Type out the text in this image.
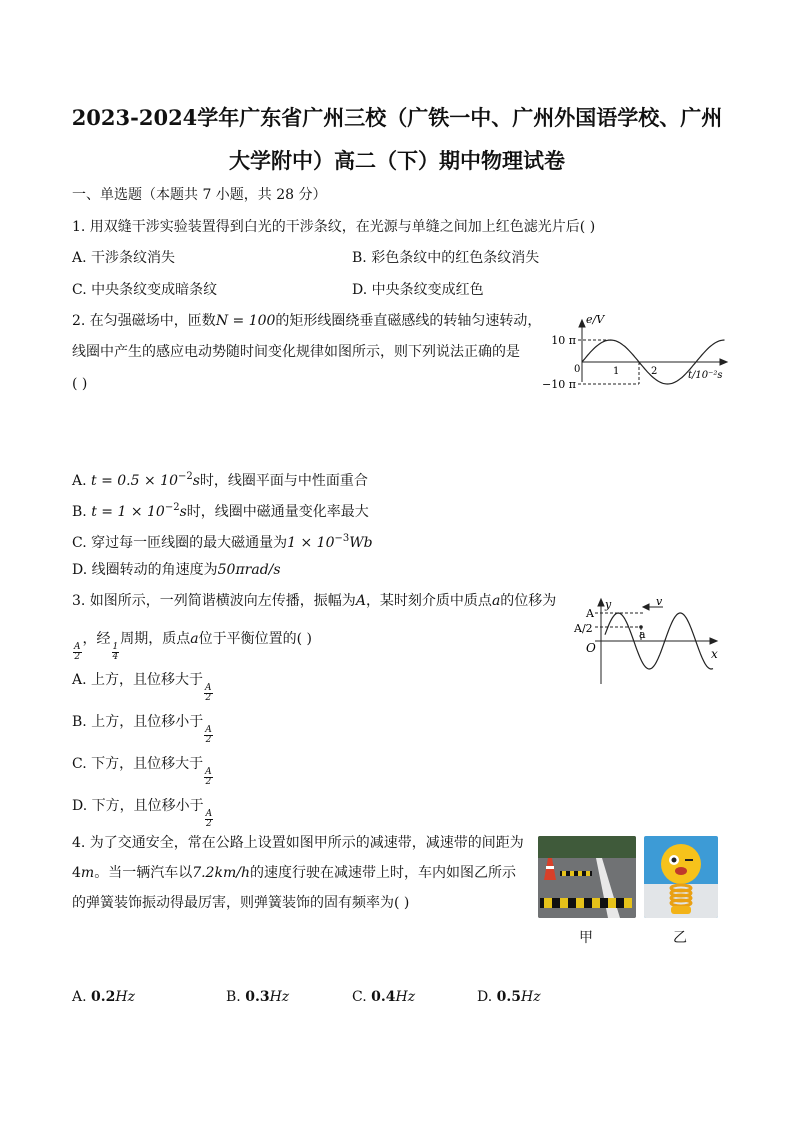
2023-2024学年广东省广州三校（广铁一中、广州外国语学校、广州
大学附中）高二（下）期中物理试卷
一、单选题（本题共 7 小题，共 28 分）
1. 用双缝干涉实验装置得到白光的干涉条纹，在光源与单缝之间加上红色滤光片后( )
A. 干涉条纹消失	B. 彩色条纹中的红色条纹消失
C. 中央条纹变成暗条纹	D. 中央条纹变成红色
2. 在匀强磁场中，匝数N = 100的矩形线圈绕垂直磁感线的转轴匀速转动，
线圈中产生的感应电动势随时间变化规律如图所示，则下列说法正确的是
( )
e/V
10 π
−10 π
0	1	2	t/10⁻²s
A. $t = 0.5 \times 10^{-2}s$时，线圈平面与中性面重合
B. $t = 1 \times 10^{-2}s$时，线圈中磁通量变化率最大
C. 穿过每一匝线圈的最大磁通量为$1 \times 10^{-3}Wb$
D. 线圈转动的角速度为50πrad/s
3. 如图所示，一列简谐横波向左传播，振幅为A，某时刻介质中质点a的位移为
$\frac{A}{2}$
，经
$\frac{1}{4}$
周期，质点a位于平衡位置的( )
y	v
A
A/2	a
O	x
A. 上方，且位移大于
$\frac{A}{2}$
B. 上方，且位移小于
$\frac{A}{2}$
C. 下方，且位移大于
$\frac{A}{2}$
D. 下方，且位移小于
$\frac{A}{2}$
4. 为了交通安全，常在公路上设置如图甲所示的减速带，减速带的间距为
4m。当一辆汽车以7.2km/h的速度行驶在减速带上时，车内如图乙所示
的弹簧装饰振动得最厉害，则弹簧装饰的固有频率为( )
甲	乙
A. 0.2Hz	B. 0.3Hz	C. 0.4Hz	D. 0.5Hz
